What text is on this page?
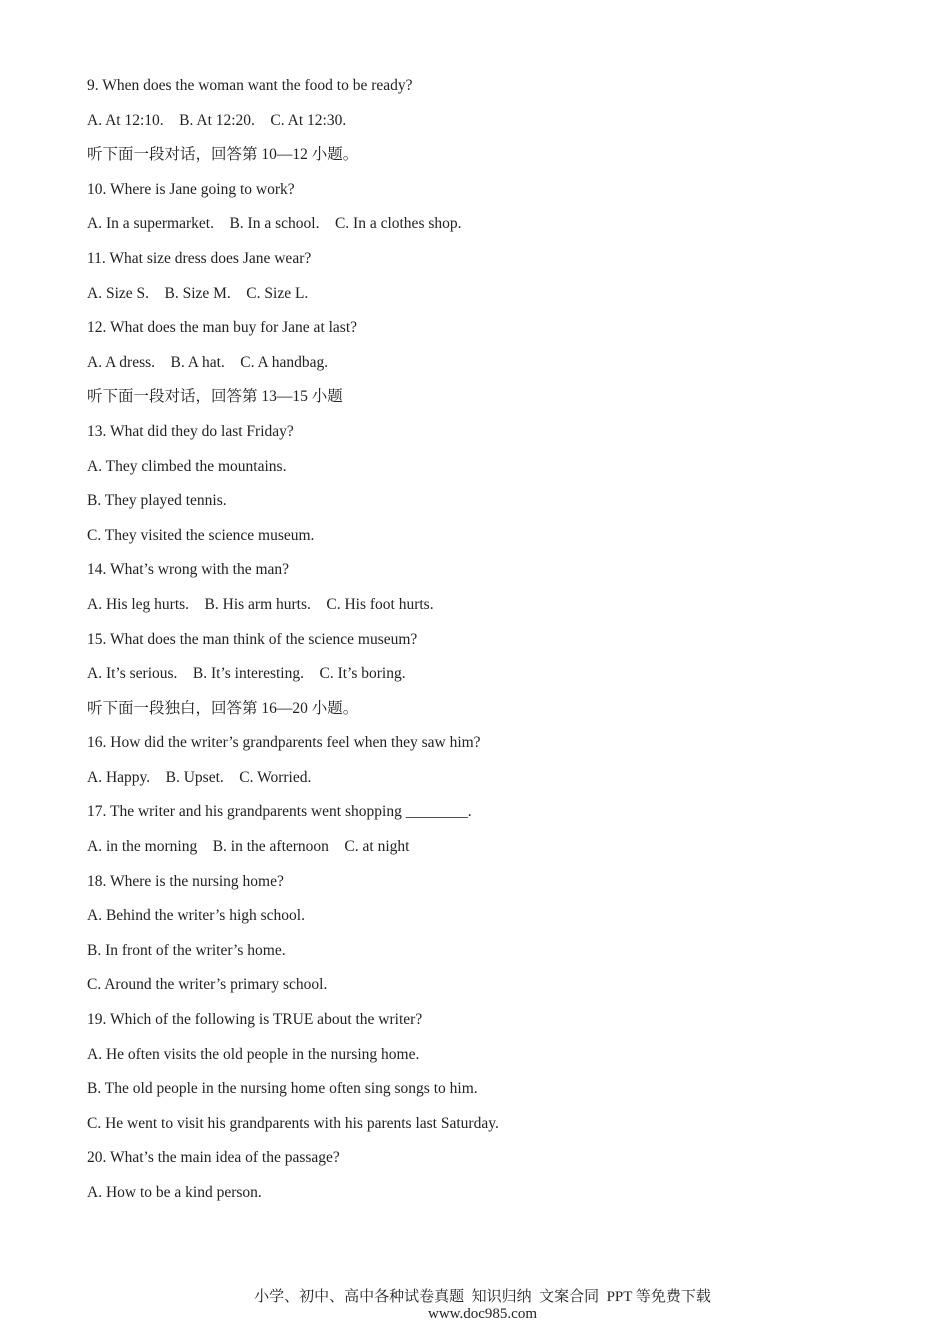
9. When does the woman want the food to be ready?
A. At 12:10.    B. At 12:20.    C. At 12:30.
听下面一段对话，回答第 10—12 小题。
10. Where is Jane going to work?
A. In a supermarket.    B. In a school.    C. In a clothes shop.
11. What size dress does Jane wear?
A. Size S.    B. Size M.    C. Size L.
12. What does the man buy for Jane at last?
A. A dress.    B. A hat.    C. A handbag.
听下面一段对话，回答第 13—15 小题
13. What did they do last Friday?
A. They climbed the mountains.
B. They played tennis.
C. They visited the science museum.
14. What’s wrong with the man?
A. His leg hurts.    B. His arm hurts.    C. His foot hurts.
15. What does the man think of the science museum?
A. It’s serious.    B. It’s interesting.    C. It’s boring.
听下面一段独白，回答第 16—20 小题。
16. How did the writer’s grandparents feel when they saw him?
A. Happy.    B. Upset.    C. Worried.
17. The writer and his grandparents went shopping ________.
A. in the morning    B. in the afternoon    C. at night
18. Where is the nursing home?
A. Behind the writer’s high school.
B. In front of the writer’s home.
C. Around the writer’s primary school.
19. Which of the following is TRUE about the writer?
A. He often visits the old people in the nursing home.
B. The old people in the nursing home often sing songs to him.
C. He went to visit his grandparents with his parents last Saturday.
20. What’s the main idea of the passage?
A. How to be a kind person.

小学、初中、高中各种试卷真题  知识归纳  文案合同  PPT 等免费下载
www.doc985.com
